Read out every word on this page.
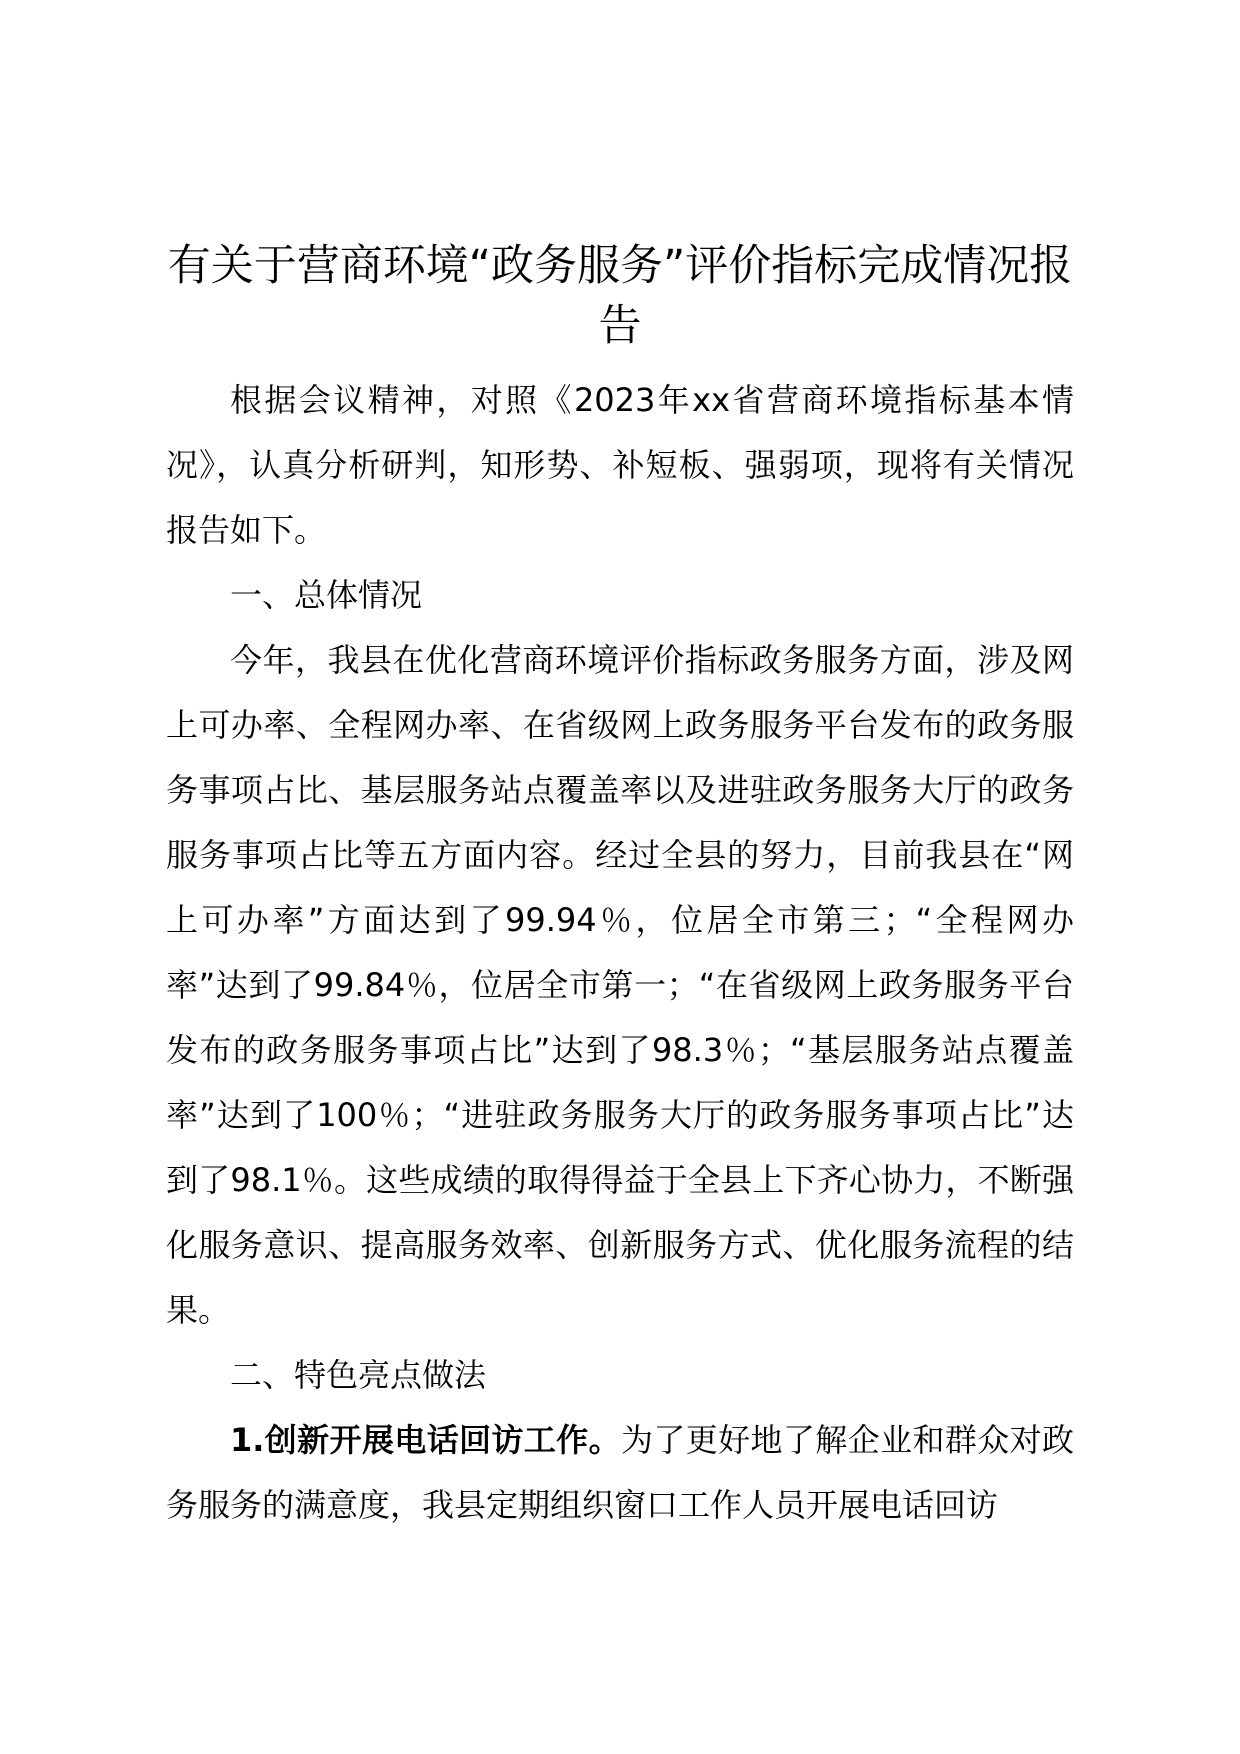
有关于营商环境“政务服务”评价指标完成情况报告

根据会议精神，对照《2023年xx省营商环境指标基本情况》，认真分析研判，知形势、补短板、强弱项，现将有关情况报告如下。

一、总体情况

今年，我县在优化营商环境评价指标政务服务方面，涉及网上可办率、全程网办率、在省级网上政务服务平台发布的政务服务事项占比、基层服务站点覆盖率以及进驻政务服务大厅的政务服务事项占比等五方面内容。经过全县的努力，目前我县在“网上可办率”方面达到了99.94％，位居全市第三；“全程网办率”达到了99.84％，位居全市第一；“在省级网上政务服务平台发布的政务服务事项占比”达到了98.3％；“基层服务站点覆盖率”达到了100％；“进驻政务服务大厅的政务服务事项占比”达到了98.1％。这些成绩的取得得益于全县上下齐心协力，不断强化服务意识、提高服务效率、创新服务方式、优化服务流程的结果。

二、特色亮点做法

1.创新开展电话回访工作。为了更好地了解企业和群众对政务服务的满意度，我县定期组织窗口工作人员开展电话回访
